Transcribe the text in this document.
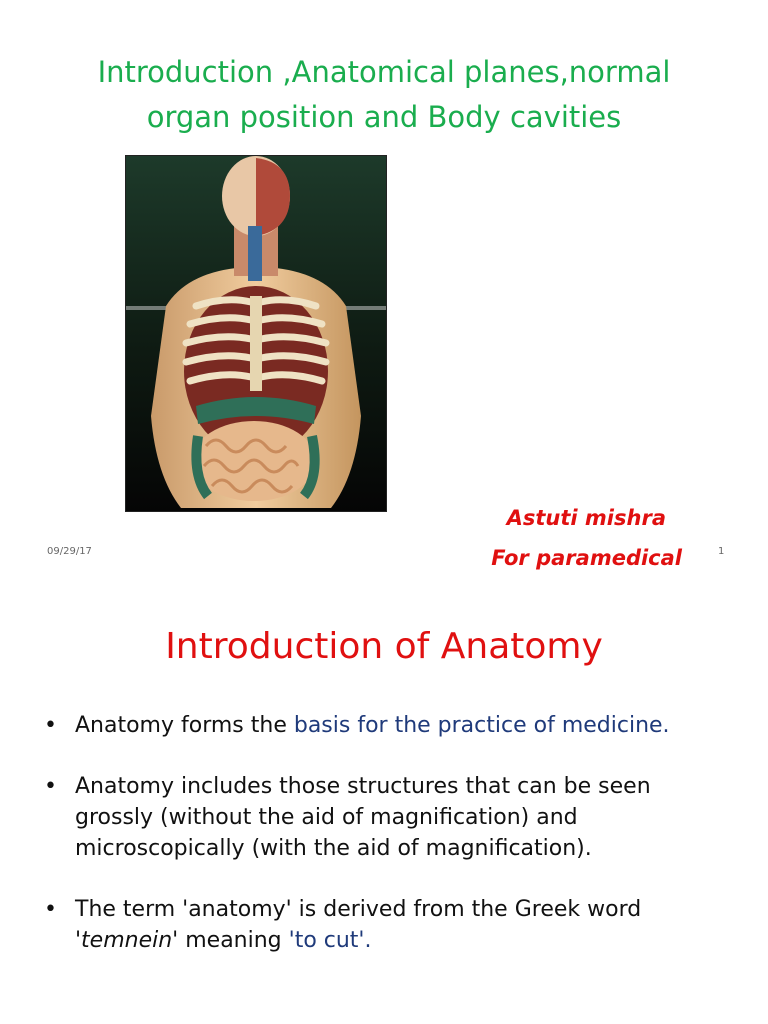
Introduction ,Anatomical planes,normal
organ position and Body cavities
Astuti mishra
For paramedical
09/29/17	1
Introduction of Anatomy
• Anatomy forms the basis for the practice of medicine.
• Anatomy includes those structures that can be seen grossly (without the aid of magnification) and microscopically (with the aid of magnification).
• The term 'anatomy' is derived from the Greek word 'temnein' meaning 'to cut'.
